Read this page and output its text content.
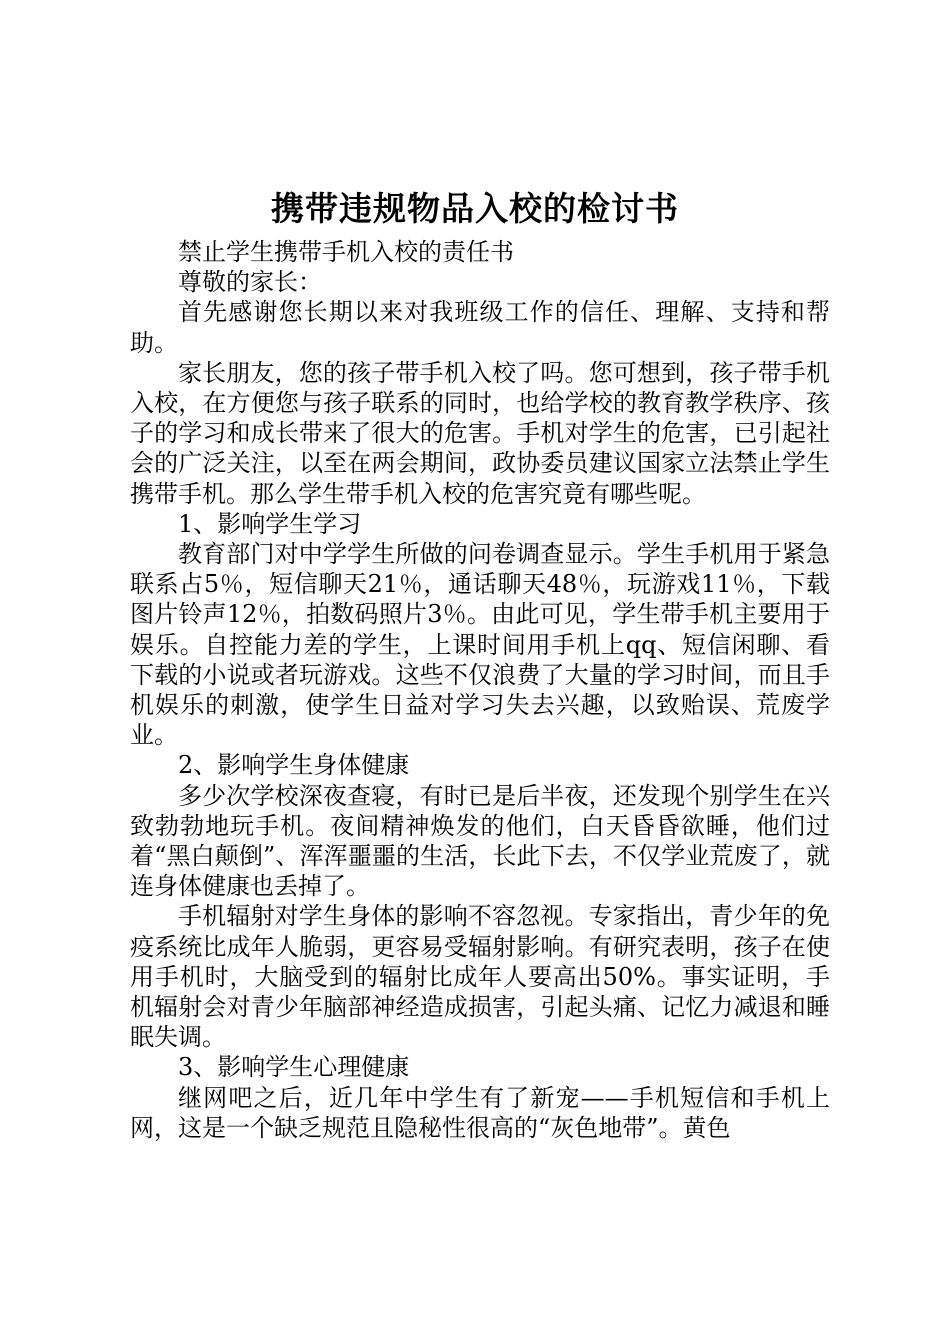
携带违规物品入校的检讨书

禁止学生携带手机入校的责任书

尊敬的家长：

首先感谢您长期以来对我班级工作的信任、理解、支持和帮助。

家长朋友，您的孩子带手机入校了吗。您可想到，孩子带手机入校，在方便您与孩子联系的同时，也给学校的教育教学秩序、孩子的学习和成长带来了很大的危害。手机对学生的危害，已引起社会的广泛关注，以至在两会期间，政协委员建议国家立法禁止学生携带手机。那么学生带手机入校的危害究竟有哪些呢。

1、影响学生学习

教育部门对中学学生所做的问卷调查显示。学生手机用于紧急联系占5％，短信聊天21％，通话聊天48％，玩游戏11％，下载图片铃声12％，拍数码照片3％。由此可见，学生带手机主要用于娱乐。自控能力差的学生，上课时间用手机上qq、短信闲聊、看下载的小说或者玩游戏。这些不仅浪费了大量的学习时间，而且手机娱乐的刺激，使学生日益对学习失去兴趣，以致贻误、荒废学业。

2、影响学生身体健康

多少次学校深夜查寝，有时已是后半夜，还发现个别学生在兴致勃勃地玩手机。夜间精神焕发的他们，白天昏昏欲睡，他们过着“黑白颠倒”、浑浑噩噩的生活，长此下去，不仅学业荒废了，就连身体健康也丢掉了。

手机辐射对学生身体的影响不容忽视。专家指出，青少年的免疫系统比成年人脆弱，更容易受辐射影响。有研究表明，孩子在使用手机时，大脑受到的辐射比成年人要高出50%。事实证明，手机辐射会对青少年脑部神经造成损害，引起头痛、记忆力减退和睡眠失调。

3、影响学生心理健康

继网吧之后，近几年中学生有了新宠——手机短信和手机上网，这是一个缺乏规范且隐秘性很高的“灰色地带”。黄色
